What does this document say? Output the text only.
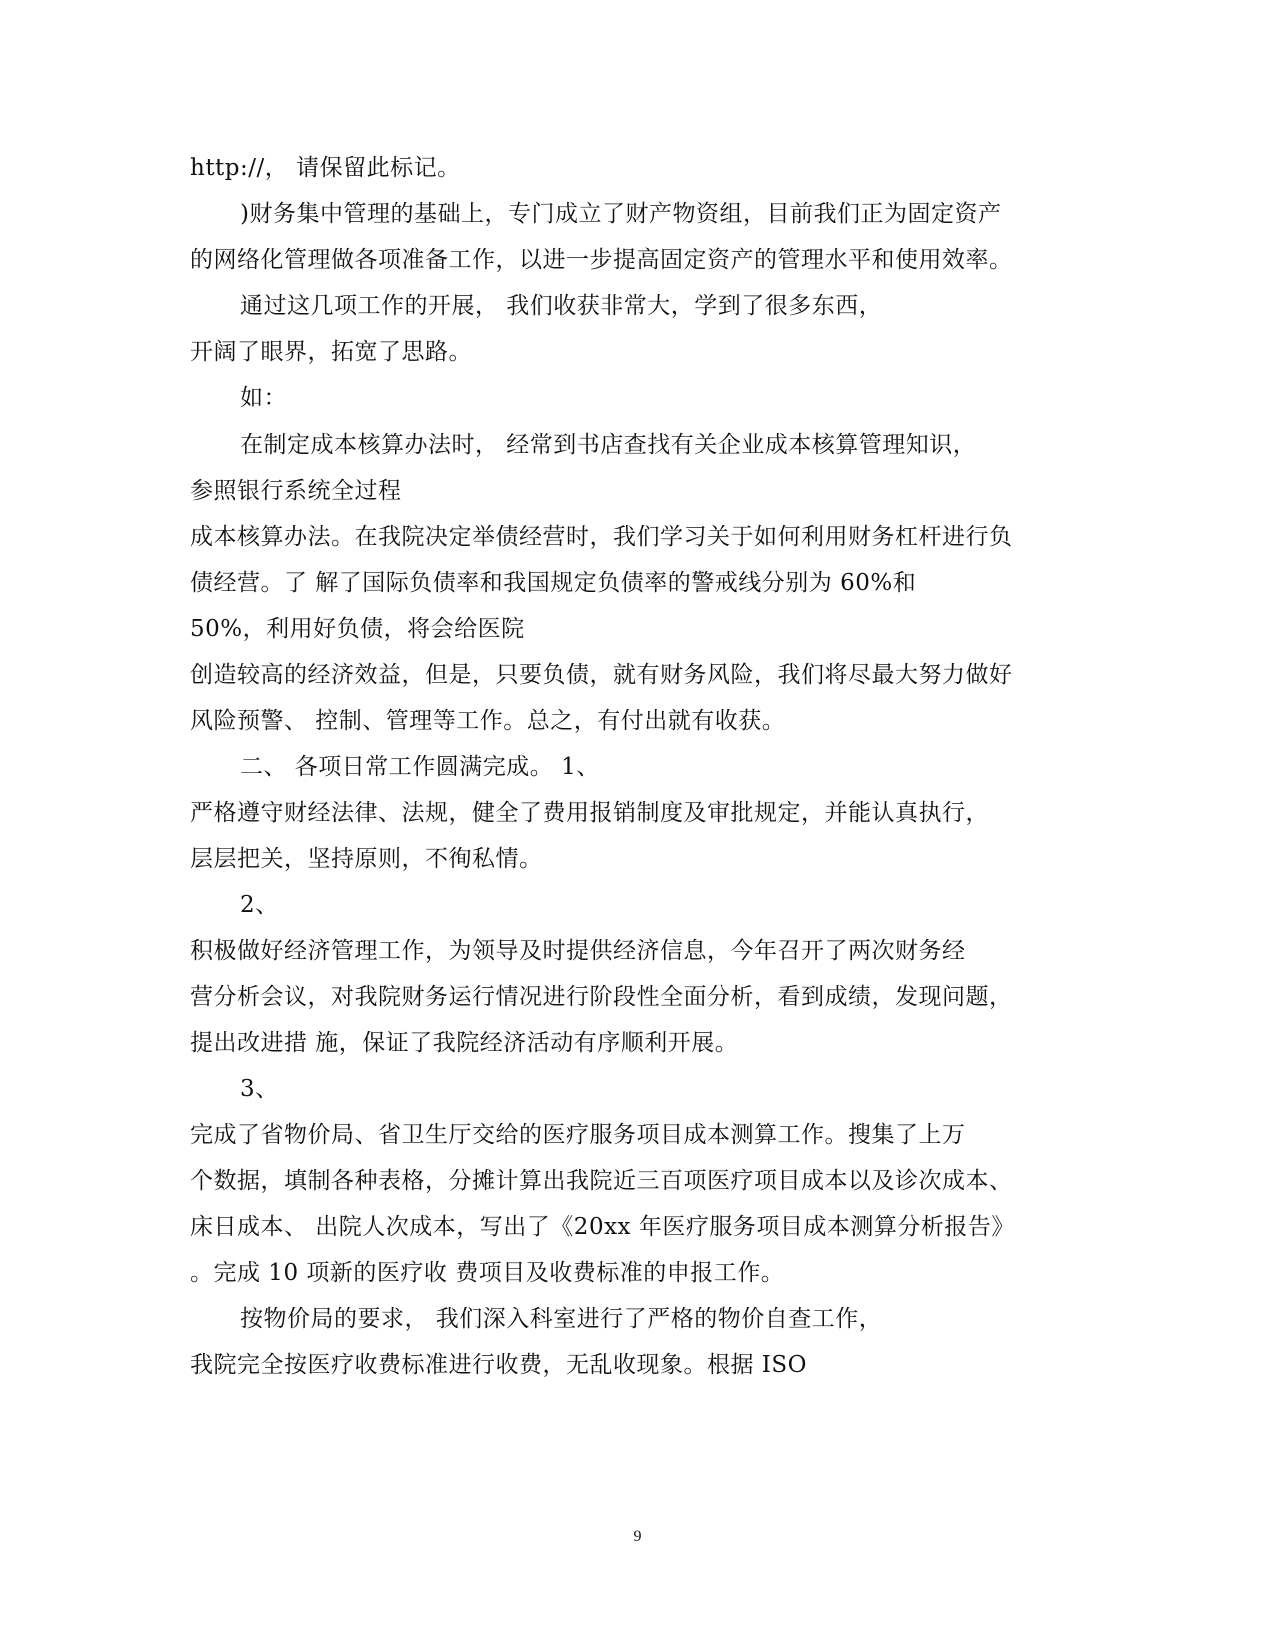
http://， 请保留此标记。
)财务集中管理的基础上，专门成立了财产物资组，目前我们正为固定资产
的网络化管理做各项准备工作，以进一步提高固定资产的管理水平和使用效率。
通过这几项工作的开展， 我们收获非常大，学到了很多东西，
开阔了眼界，拓宽了思路。
如：
在制定成本核算办法时， 经常到书店查找有关企业成本核算管理知识，
参照银行系统全过程
成本核算办法。在我院决定举债经营时，我们学习关于如何利用财务杠杆进行负
债经营。了 解了国际负债率和我国规定负债率的警戒线分别为 60%和
50%，利用好负债，将会给医院
创造较高的经济效益，但是，只要负债，就有财务风险，我们将尽最大努力做好
风险预警、 控制、管理等工作。总之，有付出就有收获。
二、 各项日常工作圆满完成。 1、
严格遵守财经法律、法规，健全了费用报销制度及审批规定，并能认真执行，
层层把关，坚持原则，不徇私情。
2、
积极做好经济管理工作，为领导及时提供经济信息，今年召开了两次财务经
营分析会议，对我院财务运行情况进行阶段性全面分析，看到成绩，发现问题，
提出改进措 施，保证了我院经济活动有序顺利开展。
3、
完成了省物价局、省卫生厅交给的医疗服务项目成本测算工作。搜集了上万
个数据，填制各种表格，分摊计算出我院近三百项医疗项目成本以及诊次成本、
床日成本、 出院人次成本，写出了《20xx 年医疗服务项目成本测算分析报告》
。完成 10 项新的医疗收 费项目及收费标准的申报工作。
按物价局的要求， 我们深入科室进行了严格的物价自查工作，
我院完全按医疗收费标准进行收费，无乱收现象。根据 ISO
9
